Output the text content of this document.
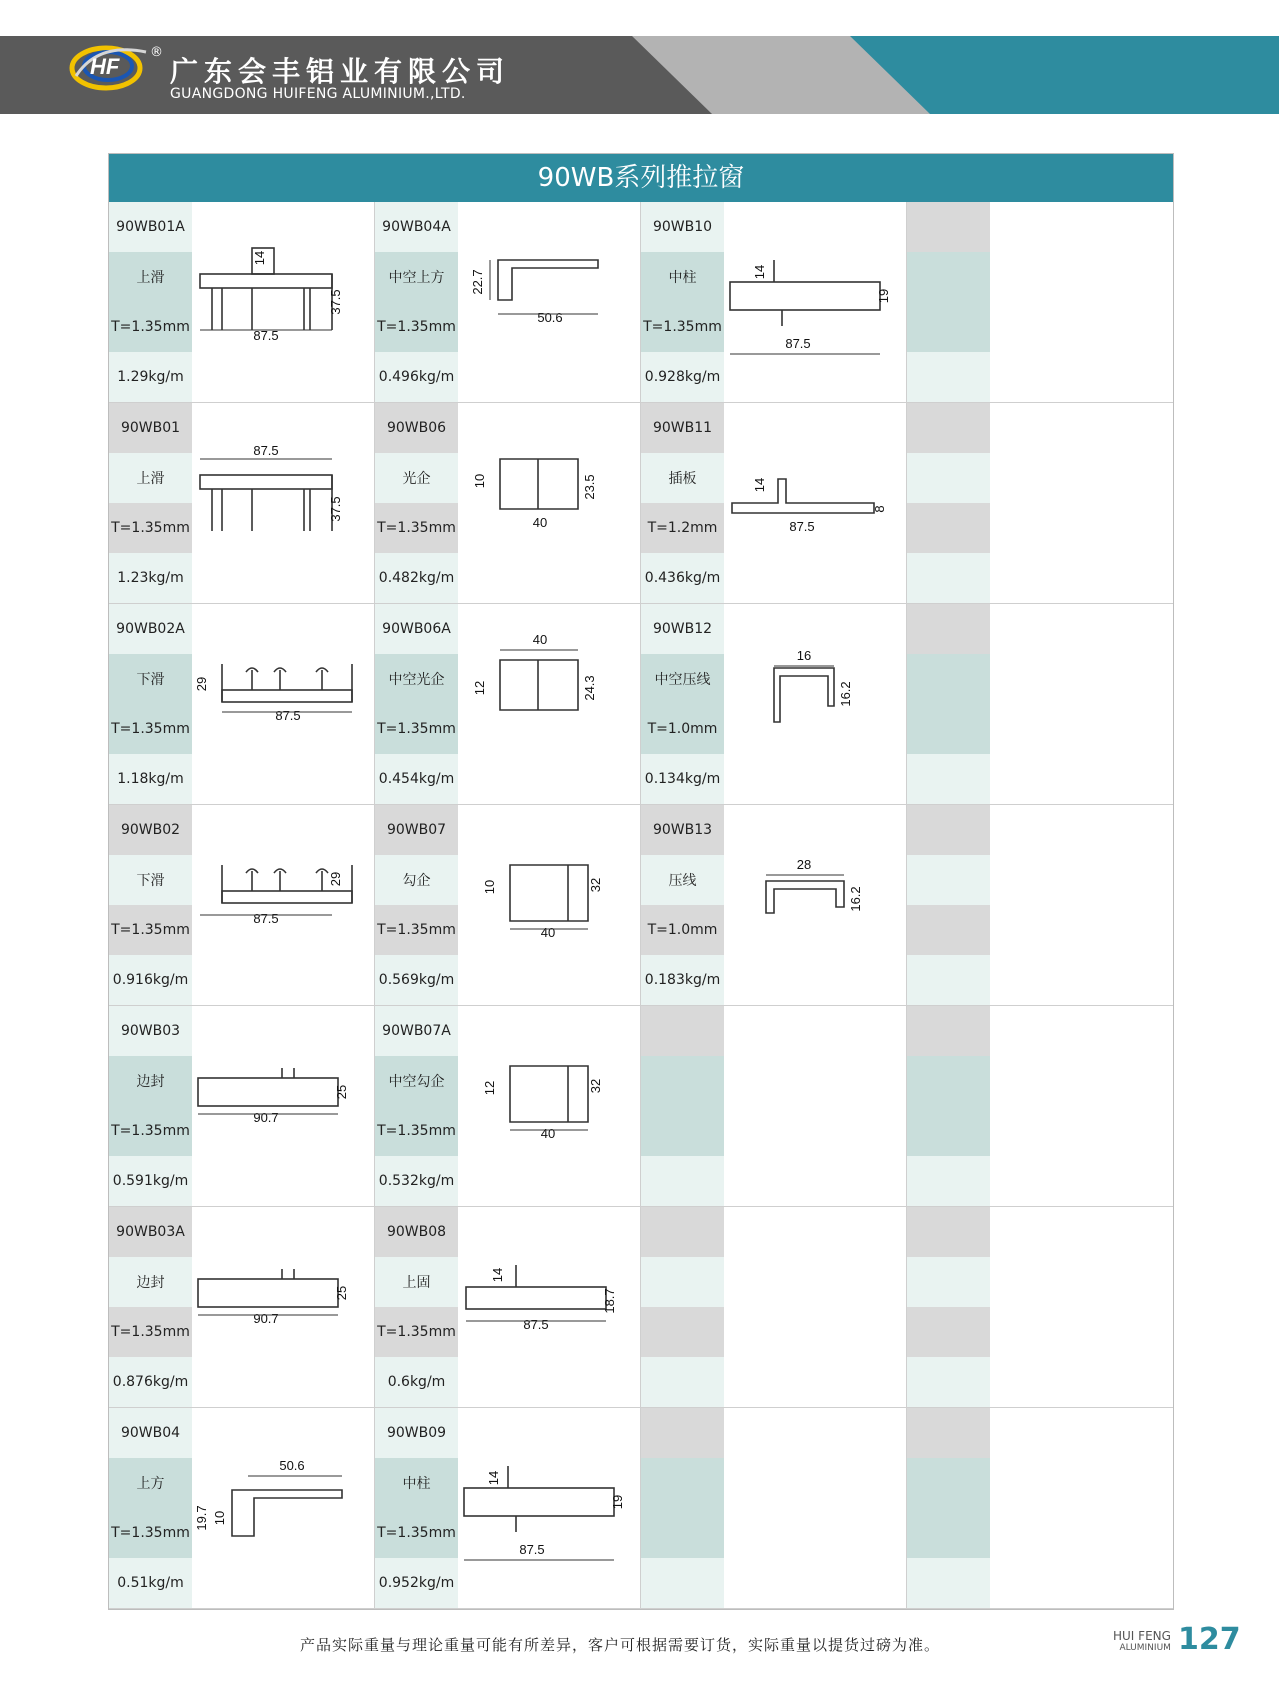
HF
®
广东会丰铝业有限公司
GUANGDONG HUIFENG ALUMINIUM.,LTD.
90WB系列推拉窗
90WB01A
上滑
T=1.35mm
1.29kg/m
14
37.5
87.5
90WB04A
中空上方
T=1.35mm
0.496kg/m
22.7
50.6
90WB10
中柱
T=1.35mm
0.928kg/m
14
19
87.5
90WB01
上滑
T=1.35mm
1.23kg/m
87.5
37.5
90WB06
光企
T=1.35mm
0.482kg/m
10	23.5
40
90WB11
插板
T=1.2mm
0.436kg/m
14
87.5
8
90WB02A
下滑
T=1.35mm
1.18kg/m
29
87.5
90WB06A
中空光企
T=1.35mm
0.454kg/m
40
12	24.3
90WB12
中空压线
T=1.0mm
0.134kg/m
16
16.2
90WB02
下滑
T=1.35mm
0.916kg/m
29
87.5
90WB07
勾企
T=1.35mm
0.569kg/m
10	32
40
90WB13
压线
T=1.0mm
0.183kg/m
28
16.2
90WB03
边封
T=1.35mm
0.591kg/m
25
90.7
90WB07A
中空勾企
T=1.35mm
0.532kg/m
12	32
40
90WB03A
边封
T=1.35mm
0.876kg/m
25
90.7
90WB08
上固
T=1.35mm
0.6kg/m
14
18.7
87.5
90WB04
上方
T=1.35mm
0.51kg/m
50.6
19.7 10
90WB09
中柱
T=1.35mm
0.952kg/m
14
19
87.5
产品实际重量与理论重量可能有所差异，客户可根据需要订货，实际重量以提货过磅为准。	HUI FENG
ALUMINIUM 127
